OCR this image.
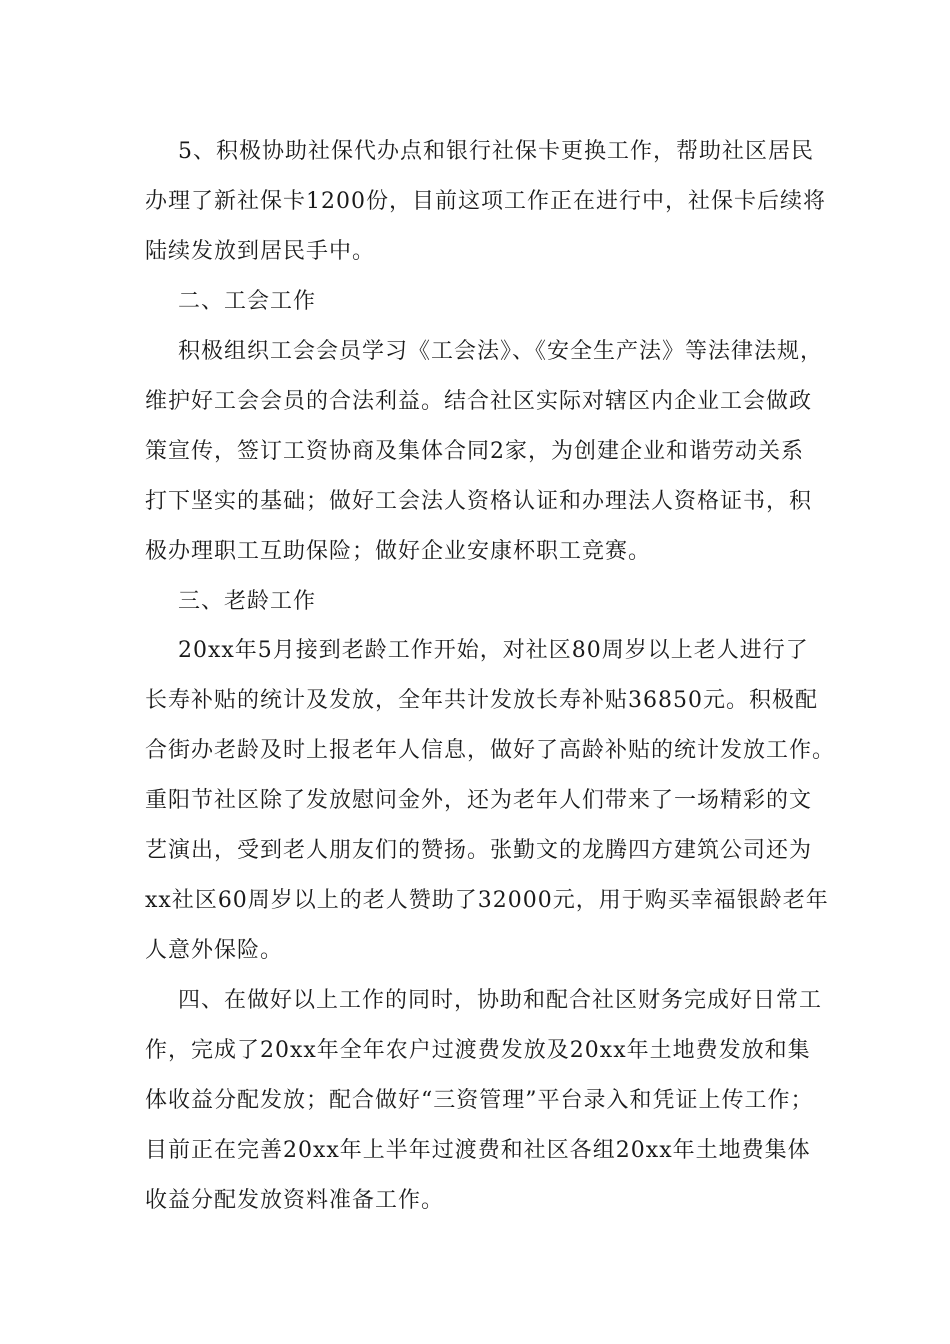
5、积极协助社保代办点和银行社保卡更换工作，帮助社区居民
办理了新社保卡1200份，目前这项工作正在进行中，社保卡后续将
陆续发放到居民手中。
二、工会工作
积极组织工会会员学习《工会法》、《安全生产法》等法律法规，
维护好工会会员的合法利益。结合社区实际对辖区内企业工会做政
策宣传，签订工资协商及集体合同2家，为创建企业和谐劳动关系
打下坚实的基础；做好工会法人资格认证和办理法人资格证书，积
极办理职工互助保险；做好企业安康杯职工竞赛。
三、老龄工作
20xx年5月接到老龄工作开始，对社区80周岁以上老人进行了
长寿补贴的统计及发放，全年共计发放长寿补贴36850元。积极配
合街办老龄及时上报老年人信息，做好了高龄补贴的统计发放工作。
重阳节社区除了发放慰问金外，还为老年人们带来了一场精彩的文
艺演出，受到老人朋友们的赞扬。张勤文的龙腾四方建筑公司还为
xx社区60周岁以上的老人赞助了32000元，用于购买幸福银龄老年
人意外保险。
四、在做好以上工作的同时，协助和配合社区财务完成好日常工
作，完成了20xx年全年农户过渡费发放及20xx年土地费发放和集
体收益分配发放；配合做好“三资管理”平台录入和凭证上传工作；
目前正在完善20xx年上半年过渡费和社区各组20xx年土地费集体
收益分配发放资料准备工作。
